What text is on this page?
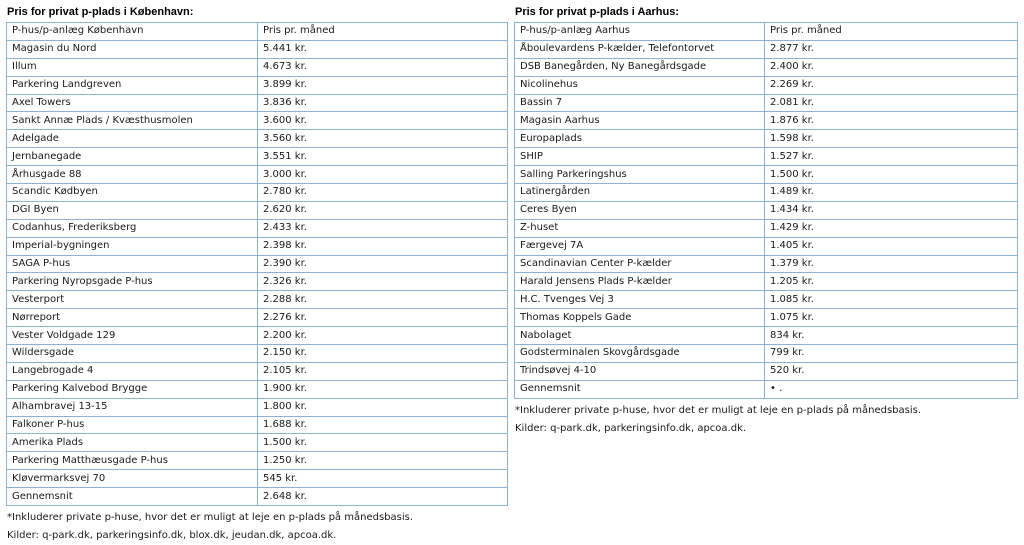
Pris for privat p-plads i København:
P-hus/p-anlæg København	Pris pr. måned
Magasin du Nord	5.441 kr.
Illum	4.673 kr.
Parkering Landgreven	3.899 kr.
Axel Towers	3.836 kr.
Sankt Annæ Plads / Kvæsthusmolen	3.600 kr.
Adelgade	3.560 kr.
Jernbanegade	3.551 kr.
Århusgade 88	3.000 kr.
Scandic Kødbyen	2.780 kr.
DGI Byen	2.620 kr.
Codanhus, Frederiksberg	2.433 kr.
Imperial-bygningen	2.398 kr.
SAGA P-hus	2.390 kr.
Parkering Nyropsgade P-hus	2.326 kr.
Vesterport	2.288 kr.
Nørreport	2.276 kr.
Vester Voldgade 129	2.200 kr.
Wildersgade	2.150 kr.
Langebrogade 4	2.105 kr.
Parkering Kalvebod Brygge	1.900 kr.
Alhambravej 13-15	1.800 kr.
Falkoner P-hus	1.688 kr.
Amerika Plads	1.500 kr.
Parkering Matthæusgade P-hus	1.250 kr.
Kløvermarksvej 70	545 kr.
Gennemsnit	2.648 kr.
*Inkluderer private p-huse, hvor det er muligt at leje en p-plads på månedsbasis.
Kilder: q-park.dk, parkeringsinfo.dk, blox.dk, jeudan.dk, apcoa.dk.
Pris for privat p-plads i Aarhus:
P-hus/p-anlæg Aarhus	Pris pr. måned
Åboulevardens P-kælder, Telefontorvet	2.877 kr.
DSB Banegården, Ny Banegårdsgade	2.400 kr.
Nicolinehus	2.269 kr.
Bassin 7	2.081 kr.
Magasin Aarhus	1.876 kr.
Europaplads	1.598 kr.
SHIP	1.527 kr.
Salling Parkeringshus	1.500 kr.
Latinergården	1.489 kr.
Ceres Byen	1.434 kr.
Z-huset	1.429 kr.
Færgevej 7A	1.405 kr.
Scandinavian Center P-kælder	1.379 kr.
Harald Jensens Plads P-kælder	1.205 kr.
H.C. Tvenges Vej 3	1.085 kr.
Thomas Koppels Gade	1.075 kr.
Nabolaget	834 kr.
Godsterminalen Skovgårdsgade	799 kr.
Trindsøvej 4-10	520 kr.
Gennemsnit	• .
*Inkluderer private p-huse, hvor det er muligt at leje en p-plads på månedsbasis.
Kilder: q-park.dk, parkeringsinfo.dk, apcoa.dk.
